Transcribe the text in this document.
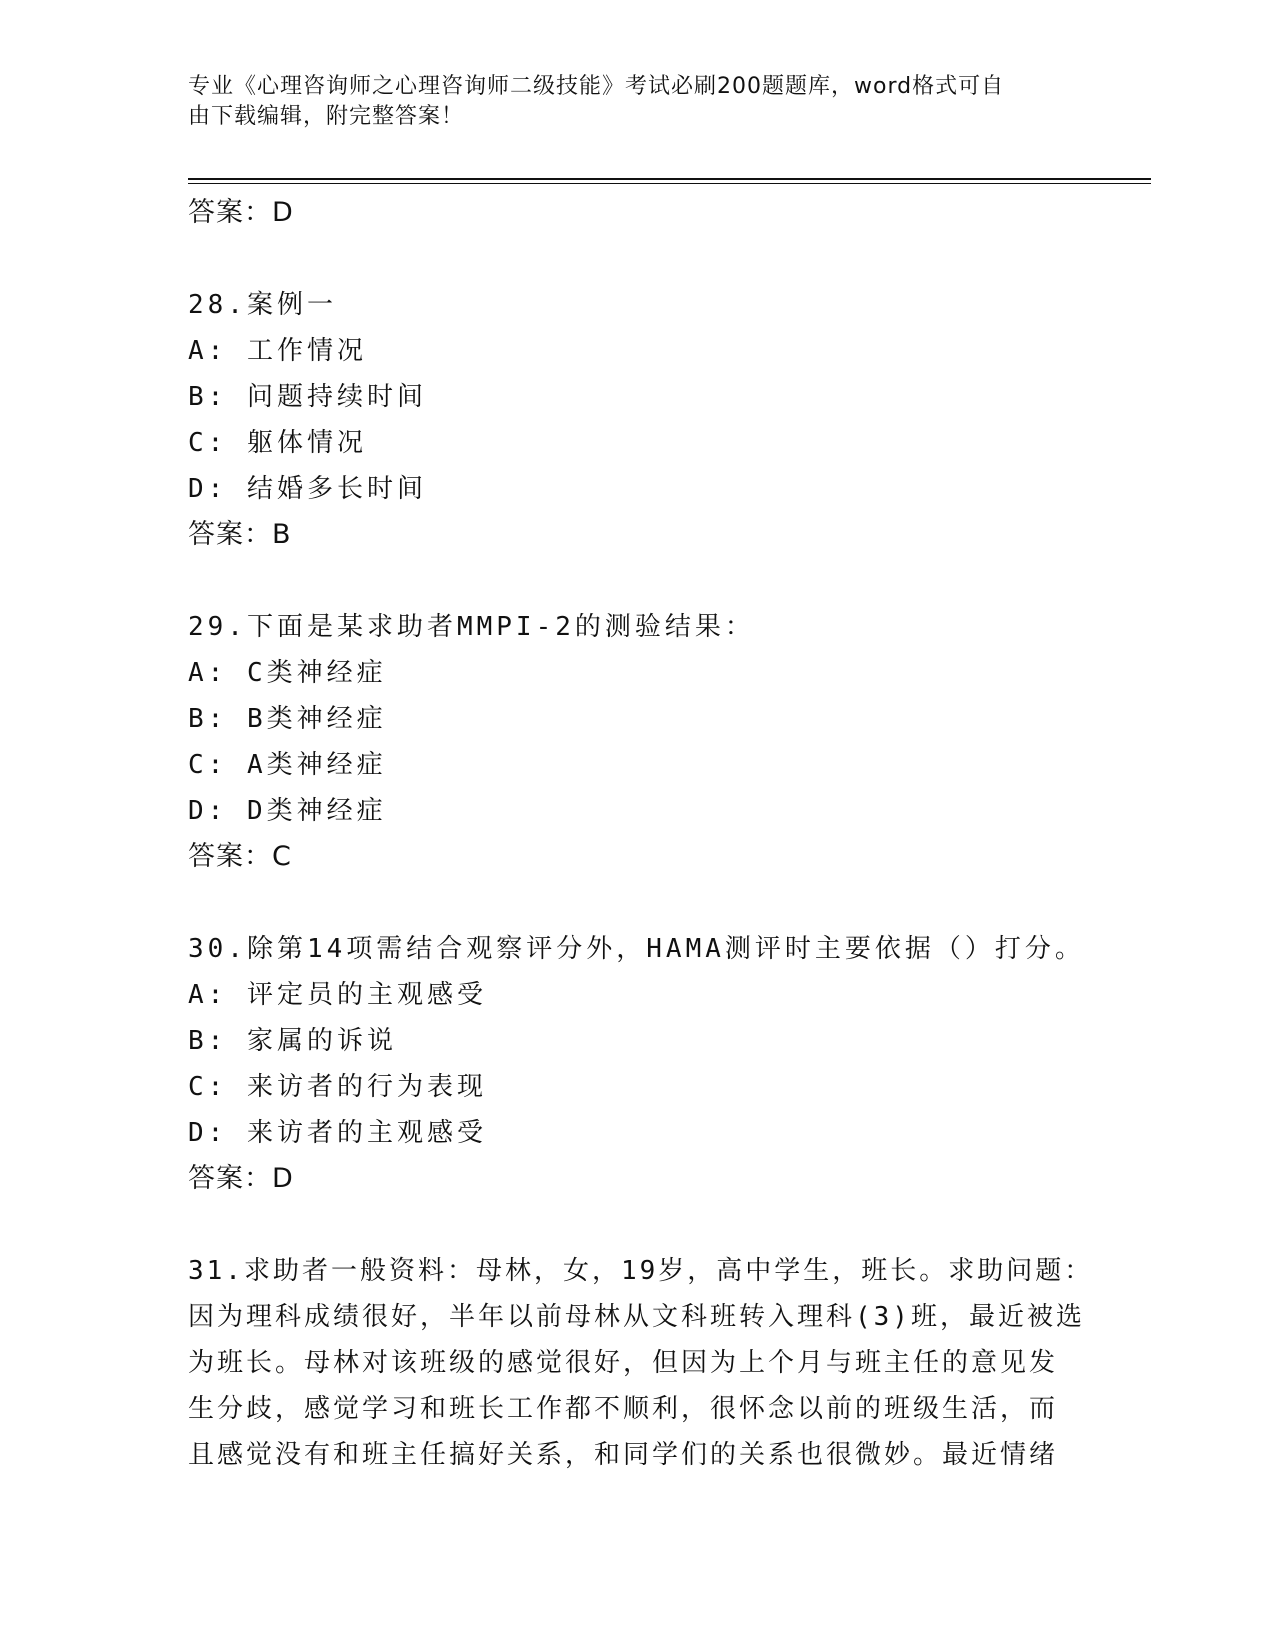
专业《心理咨询师之心理咨询师二级技能》考试必刷200题题库，word格式可自
由下载编辑，附完整答案！
答案：D
28.案例一
A: 工作情况
B: 问题持续时间
C: 躯体情况
D: 结婚多长时间
答案：B
29.下面是某求助者MMPI-2的测验结果：
A: C类神经症
B: B类神经症
C: A类神经症
D: D类神经症
答案：C
30.除第14项需结合观察评分外，HAMA测评时主要依据（）打分。
A: 评定员的主观感受
B: 家属的诉说
C: 来访者的行为表现
D: 来访者的主观感受
答案：D
31.求助者一般资料：母林，女，19岁，高中学生，班长。求助问题：
因为理科成绩很好，半年以前母林从文科班转入理科(3)班，最近被选
为班长。母林对该班级的感觉很好，但因为上个月与班主任的意见发
生分歧，感觉学习和班长工作都不顺利，很怀念以前的班级生活，而
且感觉没有和班主任搞好关系，和同学们的关系也很微妙。最近情绪
